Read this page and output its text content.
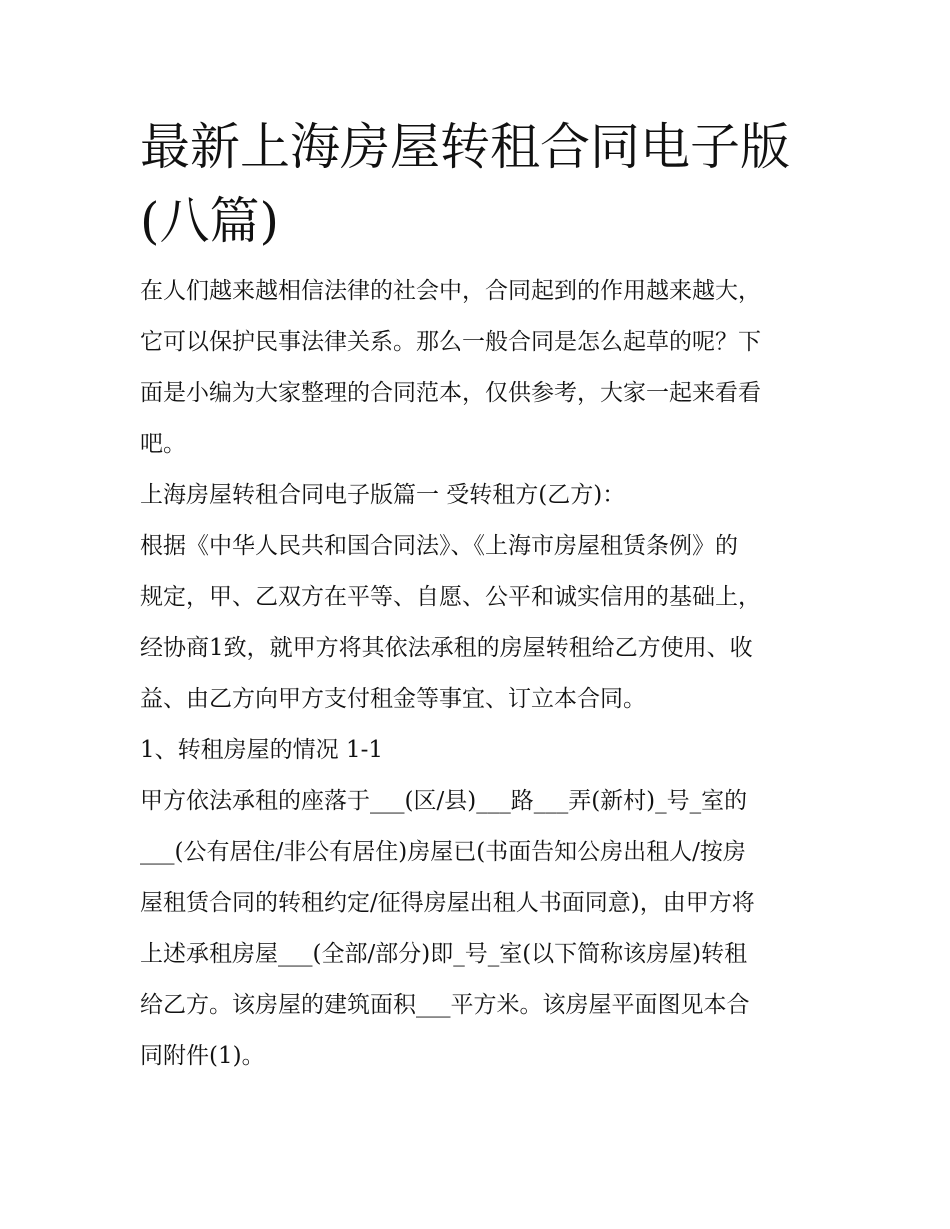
最新上海房屋转租合同电子版
(八篇)

在人们越来越相信法律的社会中，合同起到的作用越来越大，
它可以保护民事法律关系。那么一般合同是怎么起草的呢？下
面是小编为大家整理的合同范本，仅供参考，大家一起来看看
吧。

上海房屋转租合同电子版篇一 受转租方(乙方)：

根据《中华人民共和国合同法》、《上海市房屋租赁条例》的
规定，甲、乙双方在平等、自愿、公平和诚实信用的基础上，
经协商1致，就甲方将其依法承租的房屋转租给乙方使用、收
益、由乙方向甲方支付租金等事宜、订立本合同。

1、转租房屋的情况 1-1

甲方依法承租的座落于___(区/县)___路___弄(新村)_号_室的
___(公有居住/非公有居住)房屋已(书面告知公房出租人/按房
屋租赁合同的转租约定/征得房屋出租人书面同意)，由甲方将
上述承租房屋___(全部/部分)即_号_室(以下简称该房屋)转租
给乙方。该房屋的建筑面积___平方米。该房屋平面图见本合
同附件(1)。
